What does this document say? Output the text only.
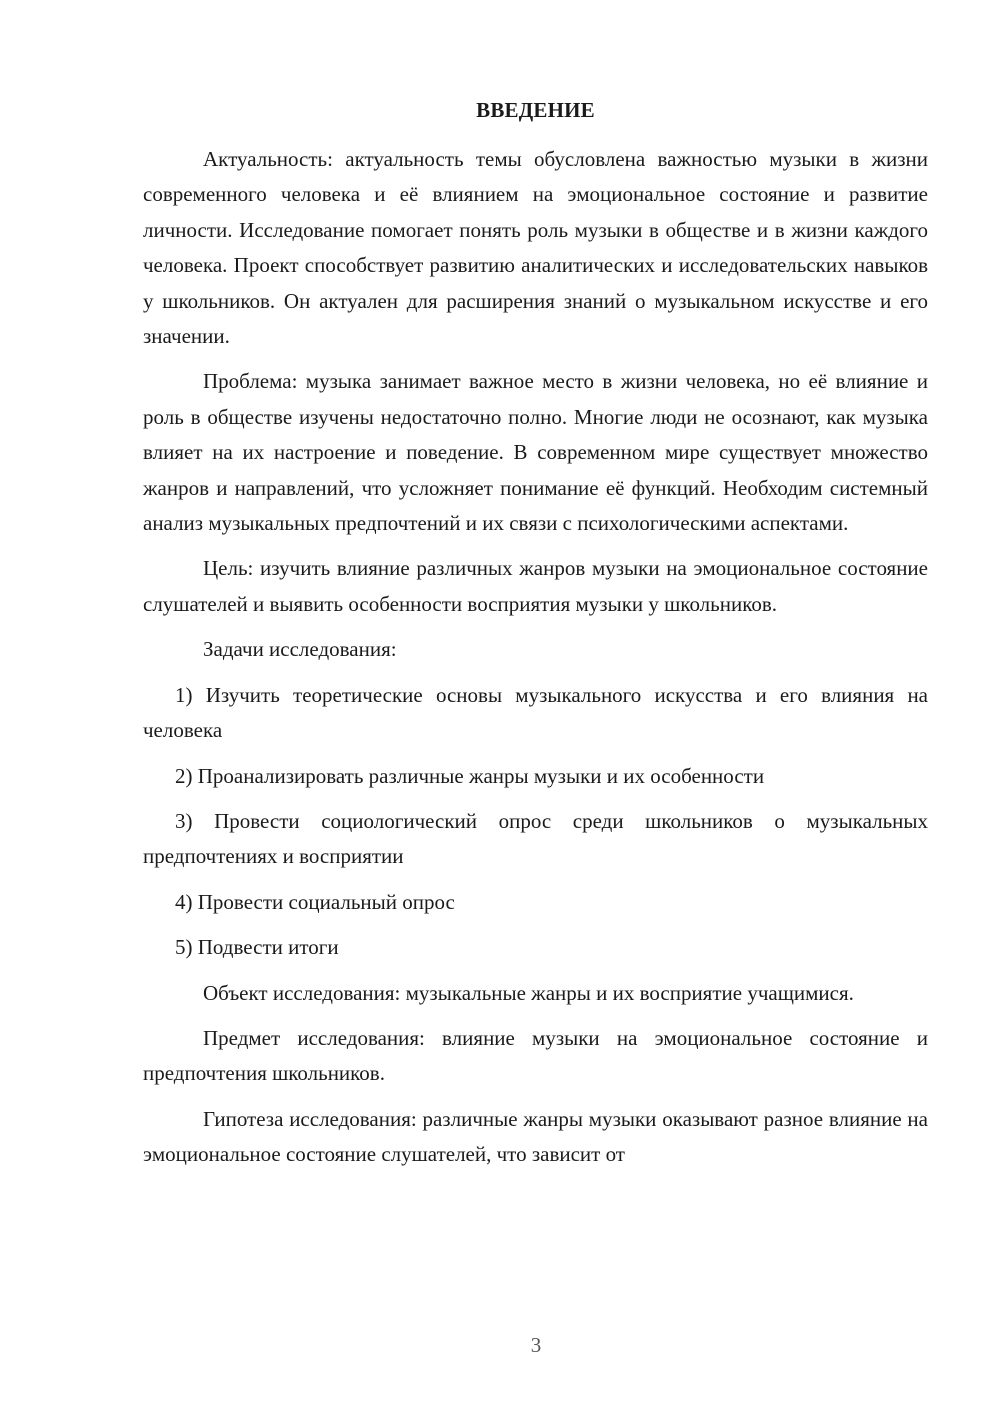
ВВЕДЕНИЕ

Актуальность: актуальность темы обусловлена важностью музыки в жизни современного человека и её влиянием на эмоциональное состояние и развитие личности. Исследование помогает понять роль музыки в обществе и в жизни каждого человека. Проект способствует развитию аналитических и исследовательских навыков у школьников. Он актуален для расширения знаний о музыкальном искусстве и его значении.

Проблема: музыка занимает важное место в жизни человека, но её влияние и роль в обществе изучены недостаточно полно. Многие люди не осознают, как музыка влияет на их настроение и поведение. В современном мире существует множество жанров и направлений, что усложняет понимание её функций. Необходим системный анализ музыкальных предпочтений и их связи с психологическими аспектами.

Цель: изучить влияние различных жанров музыки на эмоциональное состояние слушателей и выявить особенности восприятия музыки у школьников.

Задачи исследования:

1) Изучить теоретические основы музыкального искусства и его влияния на человека

2) Проанализировать различные жанры музыки и их особенности

3) Провести социологический опрос среди школьников о музыкальных предпочтениях и восприятии

4) Провести социальный опрос

5) Подвести итоги

Объект исследования: музыкальные жанры и их восприятие учащимися.

Предмет исследования: влияние музыки на эмоциональное состояние и предпочтения школьников.

Гипотеза исследования: различные жанры музыки оказывают разное влияние на эмоциональное состояние слушателей, что зависит от

3
